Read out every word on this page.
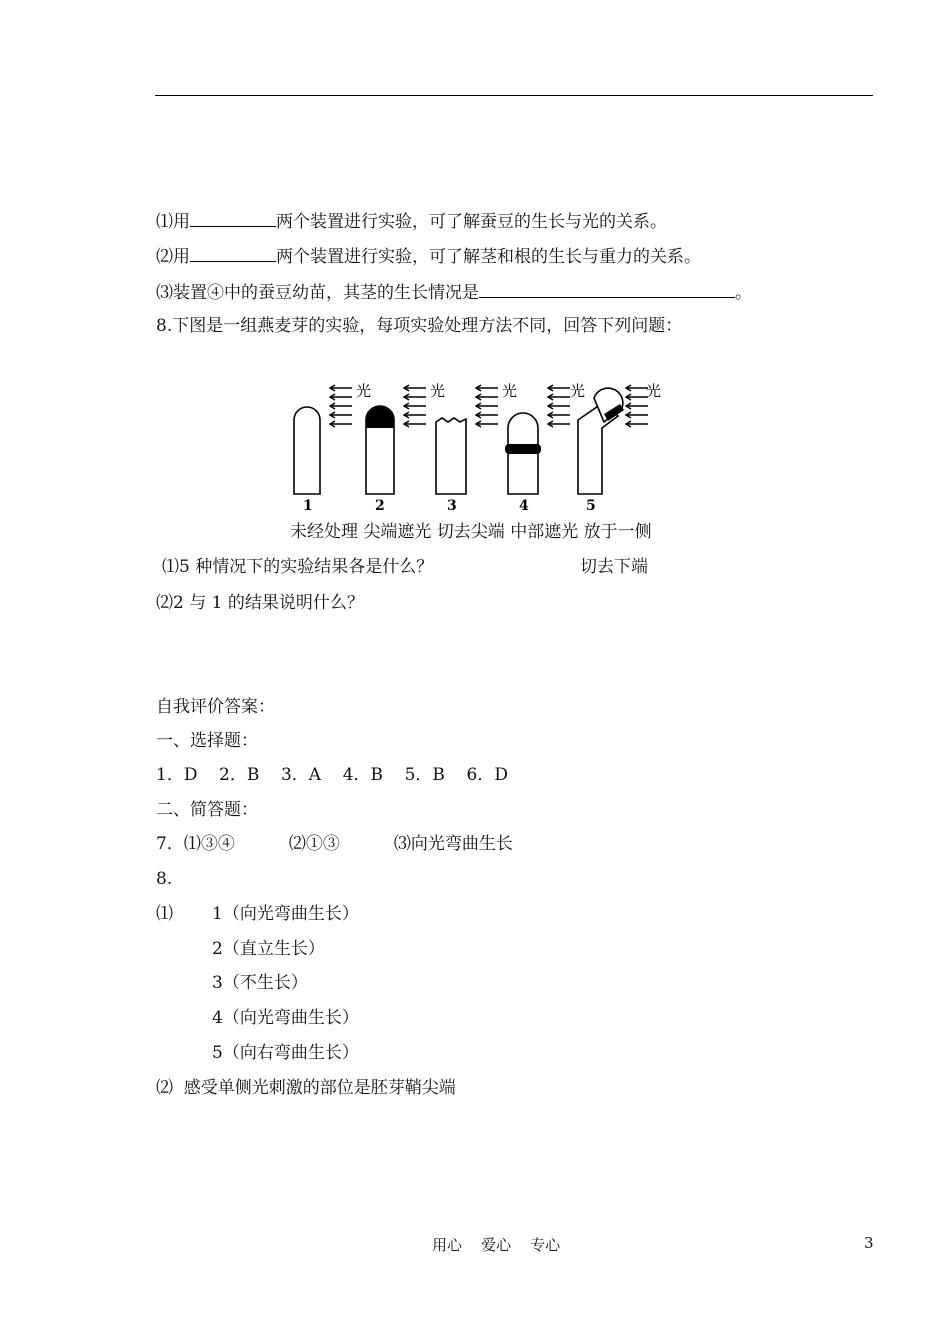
⑴用	两个装置进行实验，可了解蚕豆的生长与光的关系。
⑵用	两个装置进行实验，可了解茎和根的生长与重力的关系。
⑶装置④中的蚕豆幼苗，其茎的生长情况是	。
8.下图是一组燕麦芽的实验，每项实验处理方法不同，回答下列问题：
光	光	光	光	光
1	2	3	4	5
未经处理 尖端遮光 切去尖端 中部遮光 放于一侧
⑴5 种情况下的实验结果各是什么？	切去下端
⑵2 与 1 的结果说明什么？
自我评价答案：
一、选择题：
1．D    2．B    3．A    4．B    5．B    6．D
二、简答题：
7．⑴③④          ⑵①③          ⑶向光弯曲生长
8.
⑴ 1（向光弯曲生长）
2（直立生长）
3（不生长）
4（向光弯曲生长）
5（向右弯曲生长）
⑵  感受单侧光刺激的部位是胚芽鞘尖端
用心    爱心    专心	3
